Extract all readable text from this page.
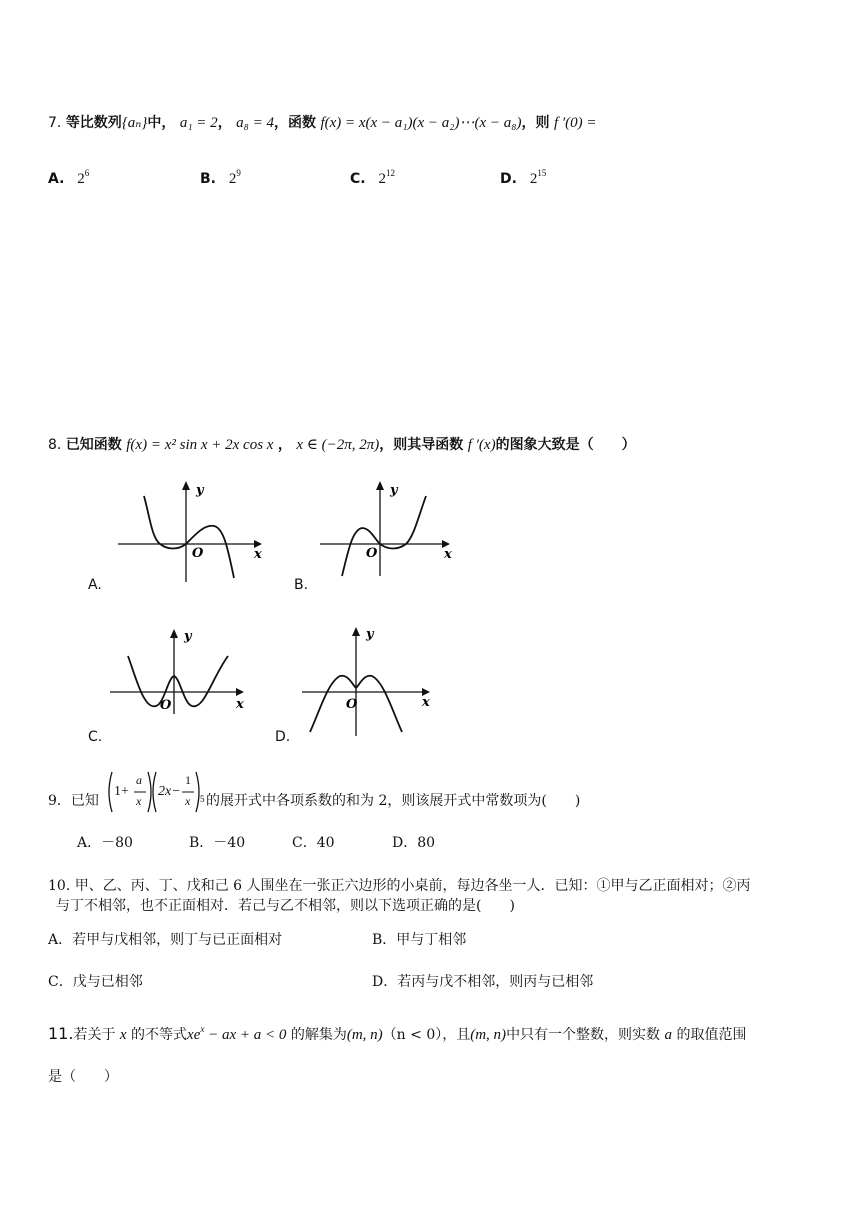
7. 等比数列{aₙ}中， a₁ = 2， a₈ = 4，函数 f(x) = x(x − a₁)(x − a₂)⋯(x − a₈)，则 f ′(0) =
A. $2^6$	B. $2^9$	C. $2^{12}$	D. $2^{15}$
8. 已知函数 f(x) = x² sin x + 2x cos x ， x ∈ (−2π, 2π)，则其导函数 f ′(x)的图象大致是（　　）
O	x
y
A.
O	x
y
B.
O	x
y
C.
O	x
y
D.
9．已知
1+
a
x
2x−
1
x 5 的展开式中各项系数的和为 2，则该展开式中常数项为(　　)
A．－80	B．－40	C．40	D．80
10. 甲、乙、丙、丁、戊和己 6 人围坐在一张正六边形的小桌前，每边各坐一人．已知：①甲与乙正面相对；②丙
与丁不相邻，也不正面相对．若己与乙不相邻，则以下选项正确的是(　　)
A．若甲与戊相邻，则丁与已正面相对	B．甲与丁相邻
C．戊与已相邻	D．若丙与戊不相邻，则丙与已相邻
11.若关于 x 的不等式$xe^x$ − ax + a < 0 的解集为(m, n)（n < 0），且(m, n)中只有一个整数，则实数 a 的取值范围
是（　　）
